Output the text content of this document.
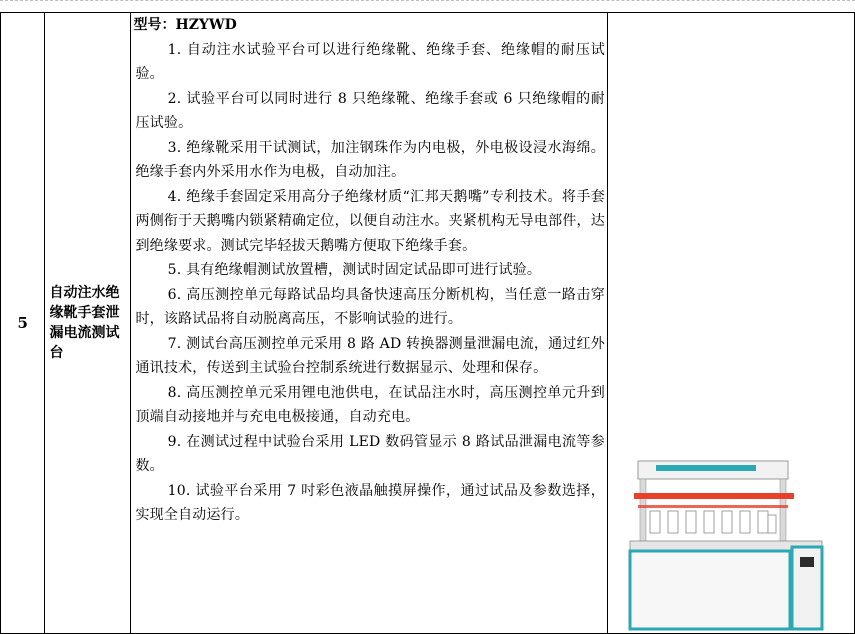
5	自动注水绝缘靴手套泄漏电流测试台	
型号：HZYWD
1. 自动注水试验平台可以进行绝缘靴、绝缘手套、绝缘帽的耐压试验。
2. 试验平台可以同时进行 8 只绝缘靴、绝缘手套或 6 只绝缘帽的耐压试验。
3. 绝缘靴采用干试测试，加注钢珠作为内电极，外电极设浸水海绵。绝缘手套内外采用水作为电极，自动加注。
4. 绝缘手套固定采用高分子绝缘材质“汇邦天鹅嘴”专利技术。将手套两侧衔于天鹅嘴内锁紧精确定位，以便自动注水。夹紧机构无导电部件，达到绝缘要求。测试完毕轻拔天鹅嘴方便取下绝缘手套。
5. 具有绝缘帽测试放置槽，测试时固定试品即可进行试验。
6. 高压测控单元每路试品均具备快速高压分断机构，当任意一路击穿时，该路试品将自动脱离高压，不影响试验的进行。
7. 测试台高压测控单元采用 8 路 AD 转换器测量泄漏电流，通过红外通讯技术，传送到主试验台控制系统进行数据显示、处理和保存。
8. 高压测控单元采用锂电池供电，在试品注水时，高压测控单元升到顶端自动接地并与充电电极接通，自动充电。
9. 在测试过程中试验台采用 LED 数码管显示 8 路试品泄漏电流等参数。
10. 试验平台采用 7 吋彩色液晶触摸屏操作，通过试品及参数选择，实现全自动运行。
